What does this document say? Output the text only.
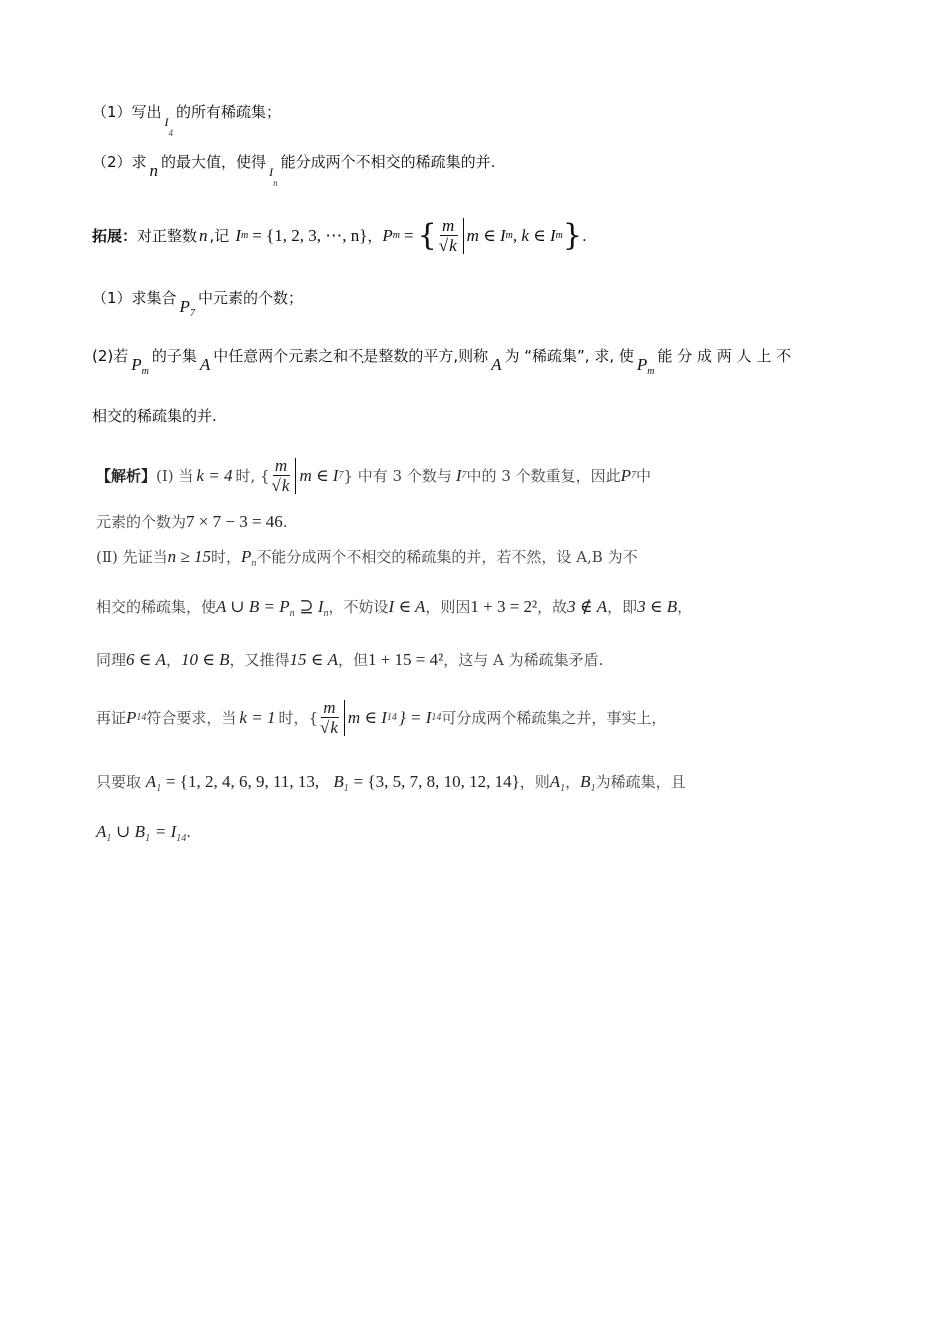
（1）写出$I_4$的所有稀疏集；
（2）求 n 的最大值，使得$I_n$能分成两个不相交的稀疏集的并.
拓展： 对正整数 n ,记 I m = {1, 2, 3, ⋯, n} ， P m = { $\frac{m}{√k}$ m ∈ I m , k ∈ I m } .
（1）求集合 $P_7$中元素的个数；
(2)若 $P_m$的子集 A 中任意两个元素之和不是整数的平方,则称 A 为 “稀疏集”, 求, 使 $P_m$能 分 成 两 人 上 不
相交的稀疏集的并.
【解析】 (Ⅰ) 当 k = 4 时, { $\frac{m}{√k}$ m ∈ I 7 } 中有 3 个数与 I 7 中的 3 个数重复，因此 P 7 中
元素的个数为7 × 7 − 3 = 46.
(Ⅱ) 先证当n ≥ 15时，$P_n$不能分成两个不相交的稀疏集的并，若不然，设 A,B 为不
相交的稀疏集，使A ∪ $B = P_n$ ⊇ $I_n$，不妨设I ∈ A，则因1 + 3 = 2²，故3 ∉ A，即3 ∈ B，
同理6 ∈ A，10 ∈ B，又推得15 ∈ A，但1 + 15 = 4²，这与 A 为稀疏集矛盾.
再证 P 14 符合要求，当 k = 1 时，{ $\frac{m}{√k}$ m ∈ I 14 } = I 14 可分成两个稀疏集之并，事实上，
只要取 $A_1 = \{1$, 2, 4, 6, 9, 11, 13, $B_1 = \{3$, 5, 7, 8, 10, 12, 14}，则$A_1$，$B_1$为稀疏集，且
$A_1$ ∪ $B_1 = I_{14}$.
